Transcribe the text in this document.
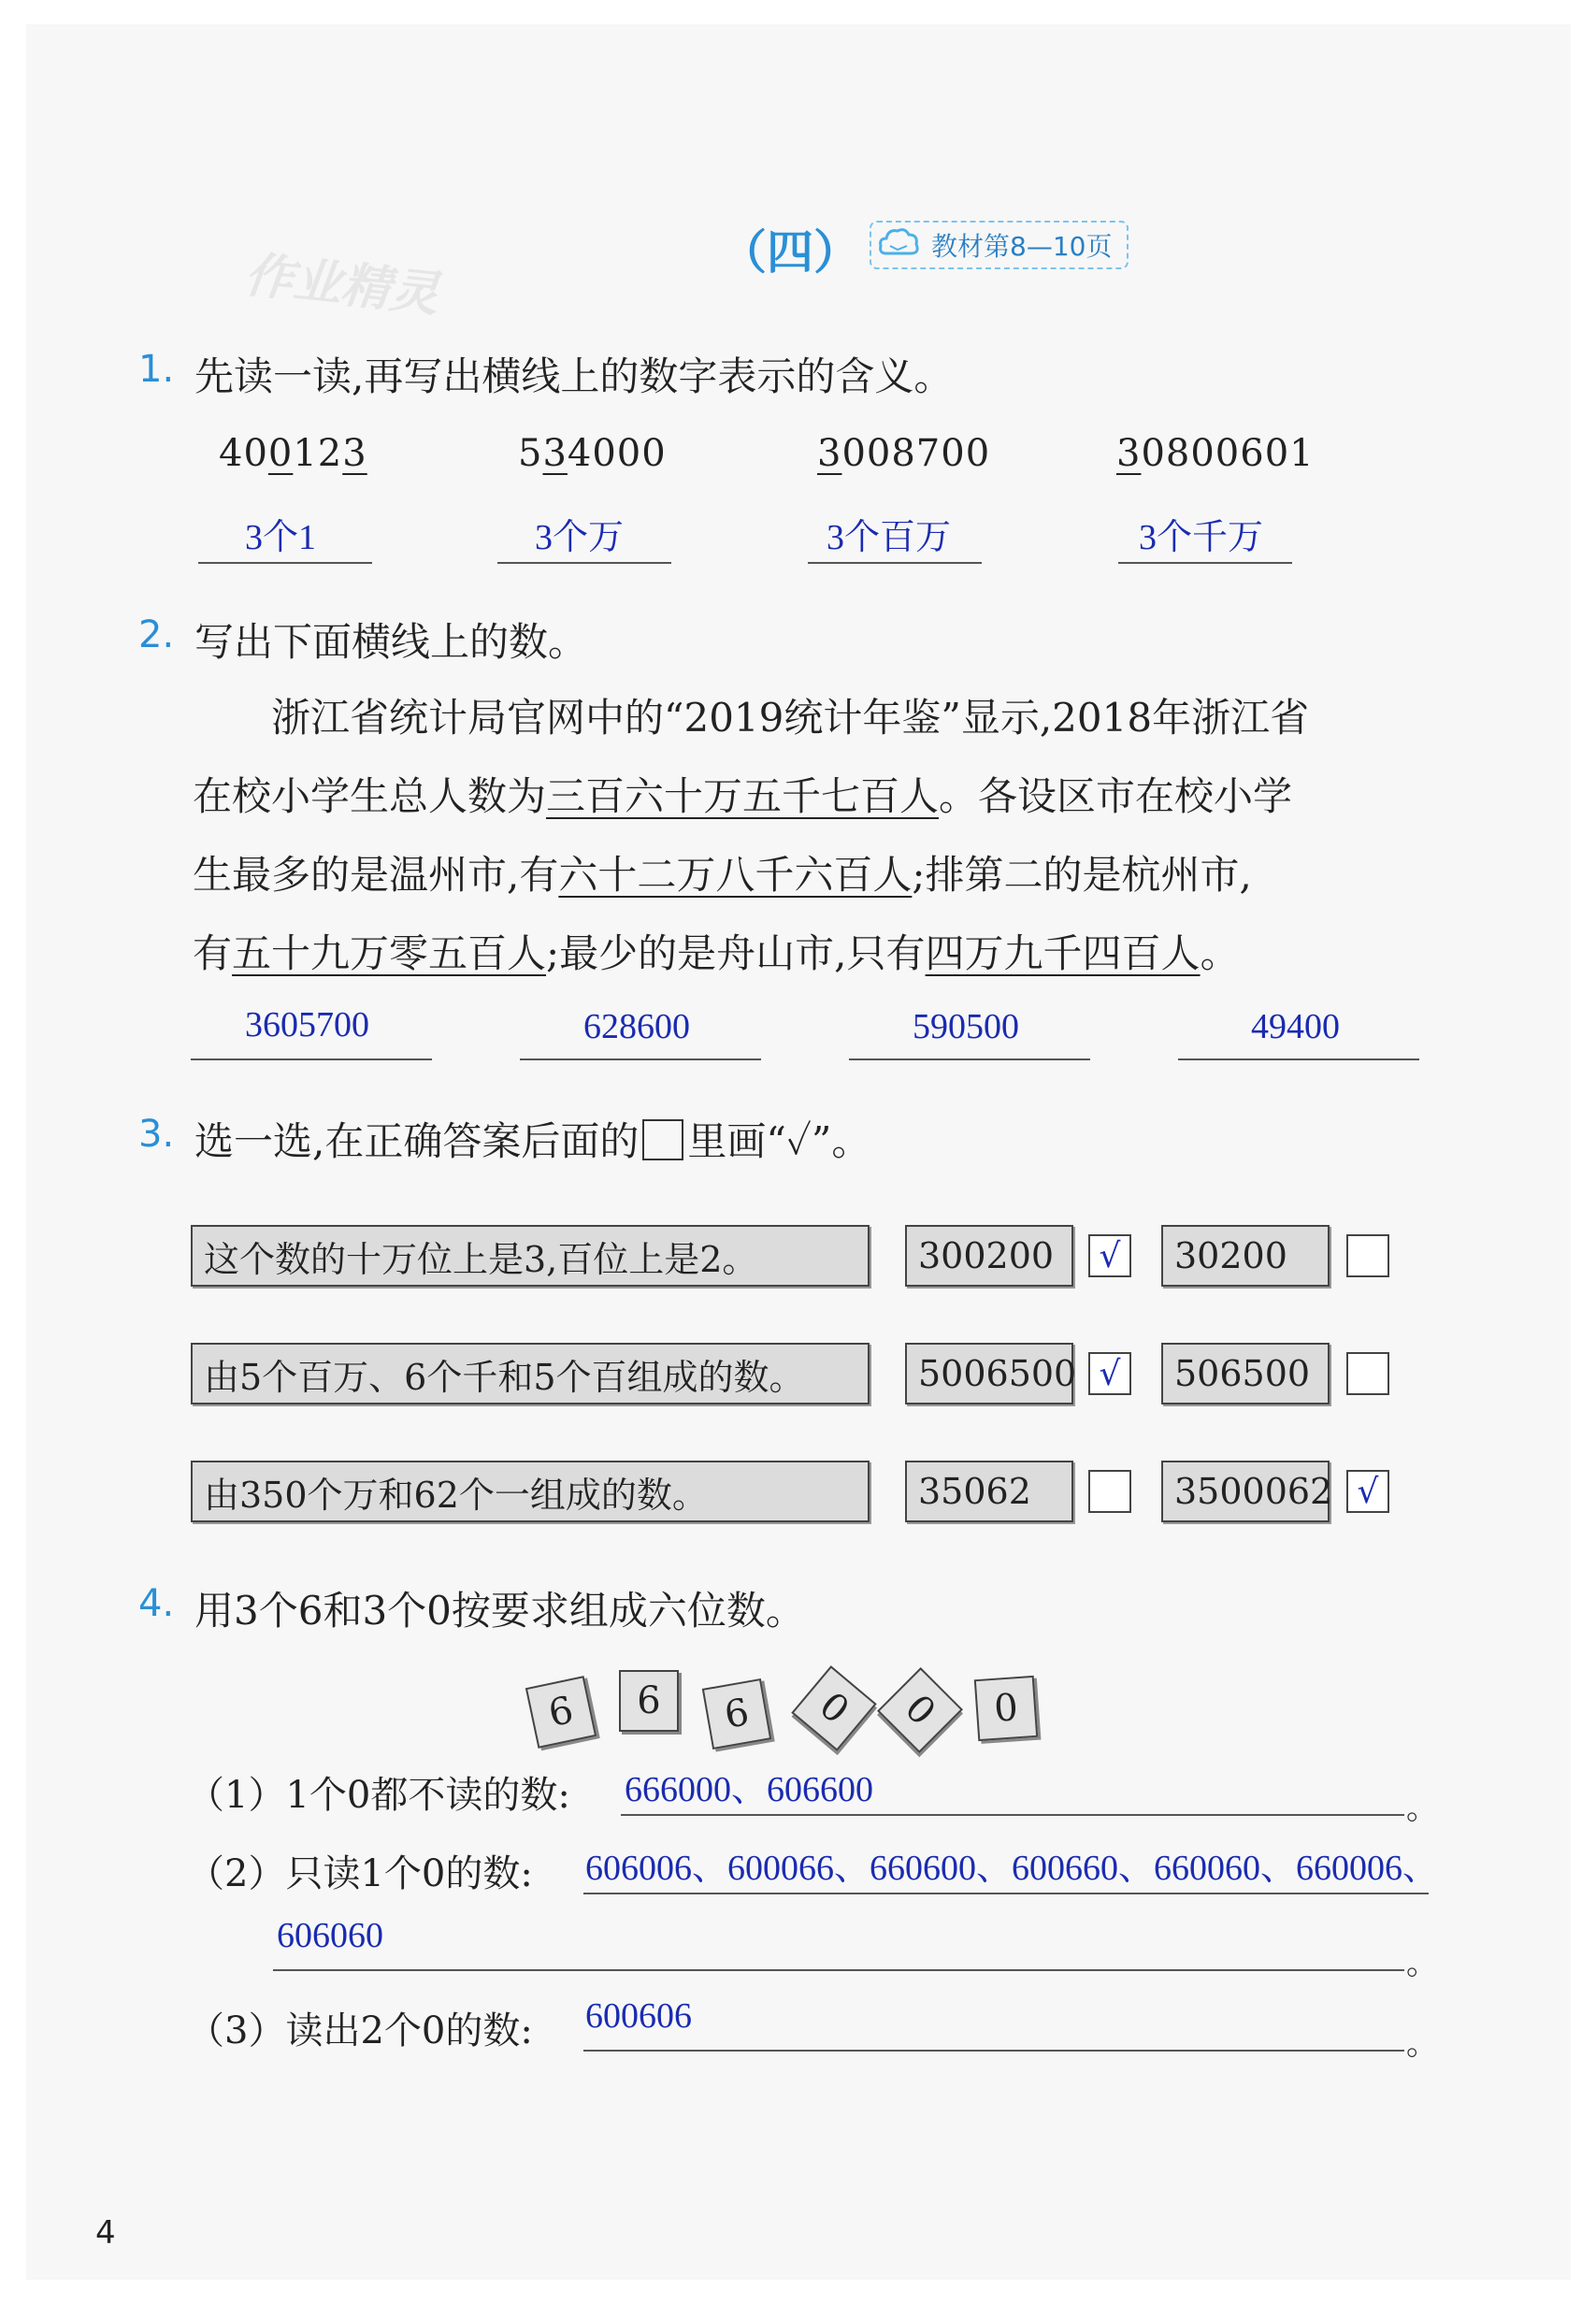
（四）	教材第8—10页
作业精灵
1. 先读一读,再写出横线上的数字表示的含义。
400123	534000	3008700	30800601
3个1	3个万	3个百万	3个千万
2. 写出下面横线上的数。
浙江省统计局官网中的“2019统计年鉴”显示,2018年浙江省
在校小学生总人数为三百六十万五千七百人。各设区市在校小学
生最多的是温州市,有六十二万八千六百人;排第二的是杭州市,
有五十九万零五百人;最少的是舟山市,只有四万九千四百人。
3605700	628600	590500	49400
3. 选一选,在正确答案后面的 里画“✓”。
这个数的十万位上是3,百位上是2。	300200	√	30200
由5个百万、6个千和5个百组成的数。	5006500 √	506500
由350个万和62个一组成的数。	35062	3500062 √
4. 用3个6和3个0按要求组成六位数。
6	6	6	0	0	0
（1）1个0都不读的数: 666000、606600	。
（2）只读1个0的数: 606006、600066、660600、600660、660060、660006、
606060
。
（3）读出2个0的数: 600606
。
4
